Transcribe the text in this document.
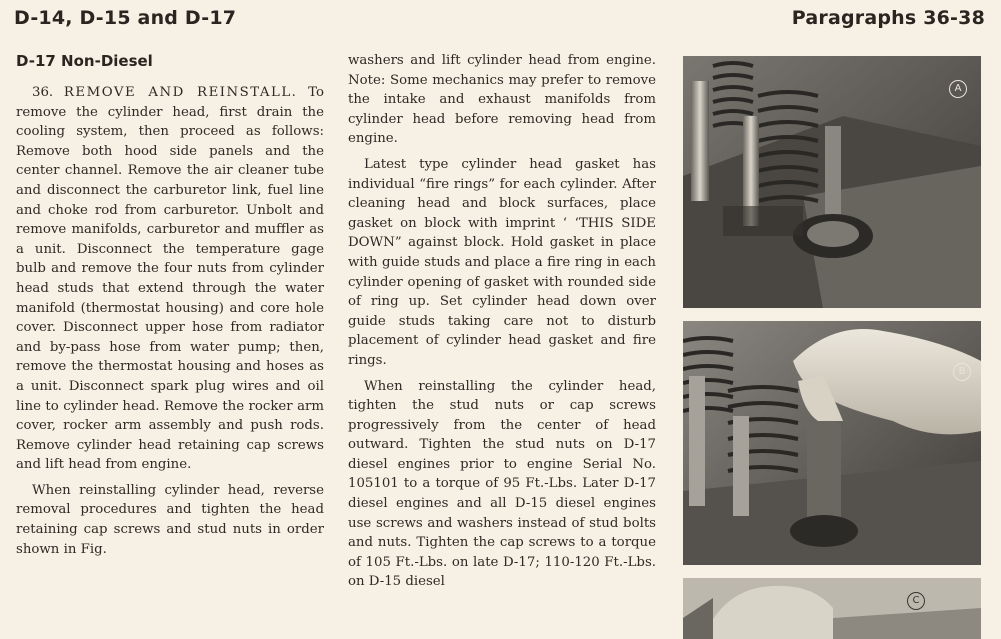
D-14, D-15 and D-17	Paragraphs 36-38
D-17 Non-Diesel

36. REMOVE AND REINSTALL. To remove the cylinder head, first drain the cooling system, then proceed as follows: Remove both hood side panels and the center channel. Remove the air cleaner tube and disconnect the carburetor link, fuel line and choke rod from carburetor. Unbolt and remove manifolds, carburetor and muffler as a unit. Disconnect the temperature gage bulb and remove the four nuts from cylinder head studs that extend through the water manifold (thermostat housing) and core hole cover. Disconnect upper hose from radiator and by-pass hose from water pump; then, remove the thermostat housing and hoses as a unit. Disconnect spark plug wires and oil line to cylinder head. Remove the rocker arm cover, rocker arm assembly and push rods. Remove cylinder head retaining cap screws and lift head from engine.

When reinstalling cylinder head, reverse removal procedures and tighten the head retaining cap screws and stud nuts in order shown in Fig.

washers and lift cylinder head from engine. Note: Some mechanics may prefer to remove the intake and exhaust manifolds from cylinder head before removing head from engine.

Latest type cylinder head gasket has individual “fire rings” for each cylinder. After cleaning head and block surfaces, place gasket on block with imprint ‘ ‘THIS SIDE DOWN” against block. Hold gasket in place with guide studs and place a fire ring in each cylinder opening of gasket with rounded side of ring up. Set cylinder head down over guide studs taking care not to disturb placement of cylinder head gasket and fire rings.

When reinstalling the cylinder head, tighten the stud nuts or cap screws progressively from the center of head outward. Tighten the stud nuts on D-17 diesel engines prior to engine Serial No. 105101 to a torque of 95 Ft.-Lbs. Later D-17 diesel engines and all D-15 diesel engines use screws and washers instead of stud bolts and nuts. Tighten the cap screws to a torque of 105 Ft.-Lbs. on late D-17; 110-120 Ft.-Lbs. on D-15 diesel

A
B
C
